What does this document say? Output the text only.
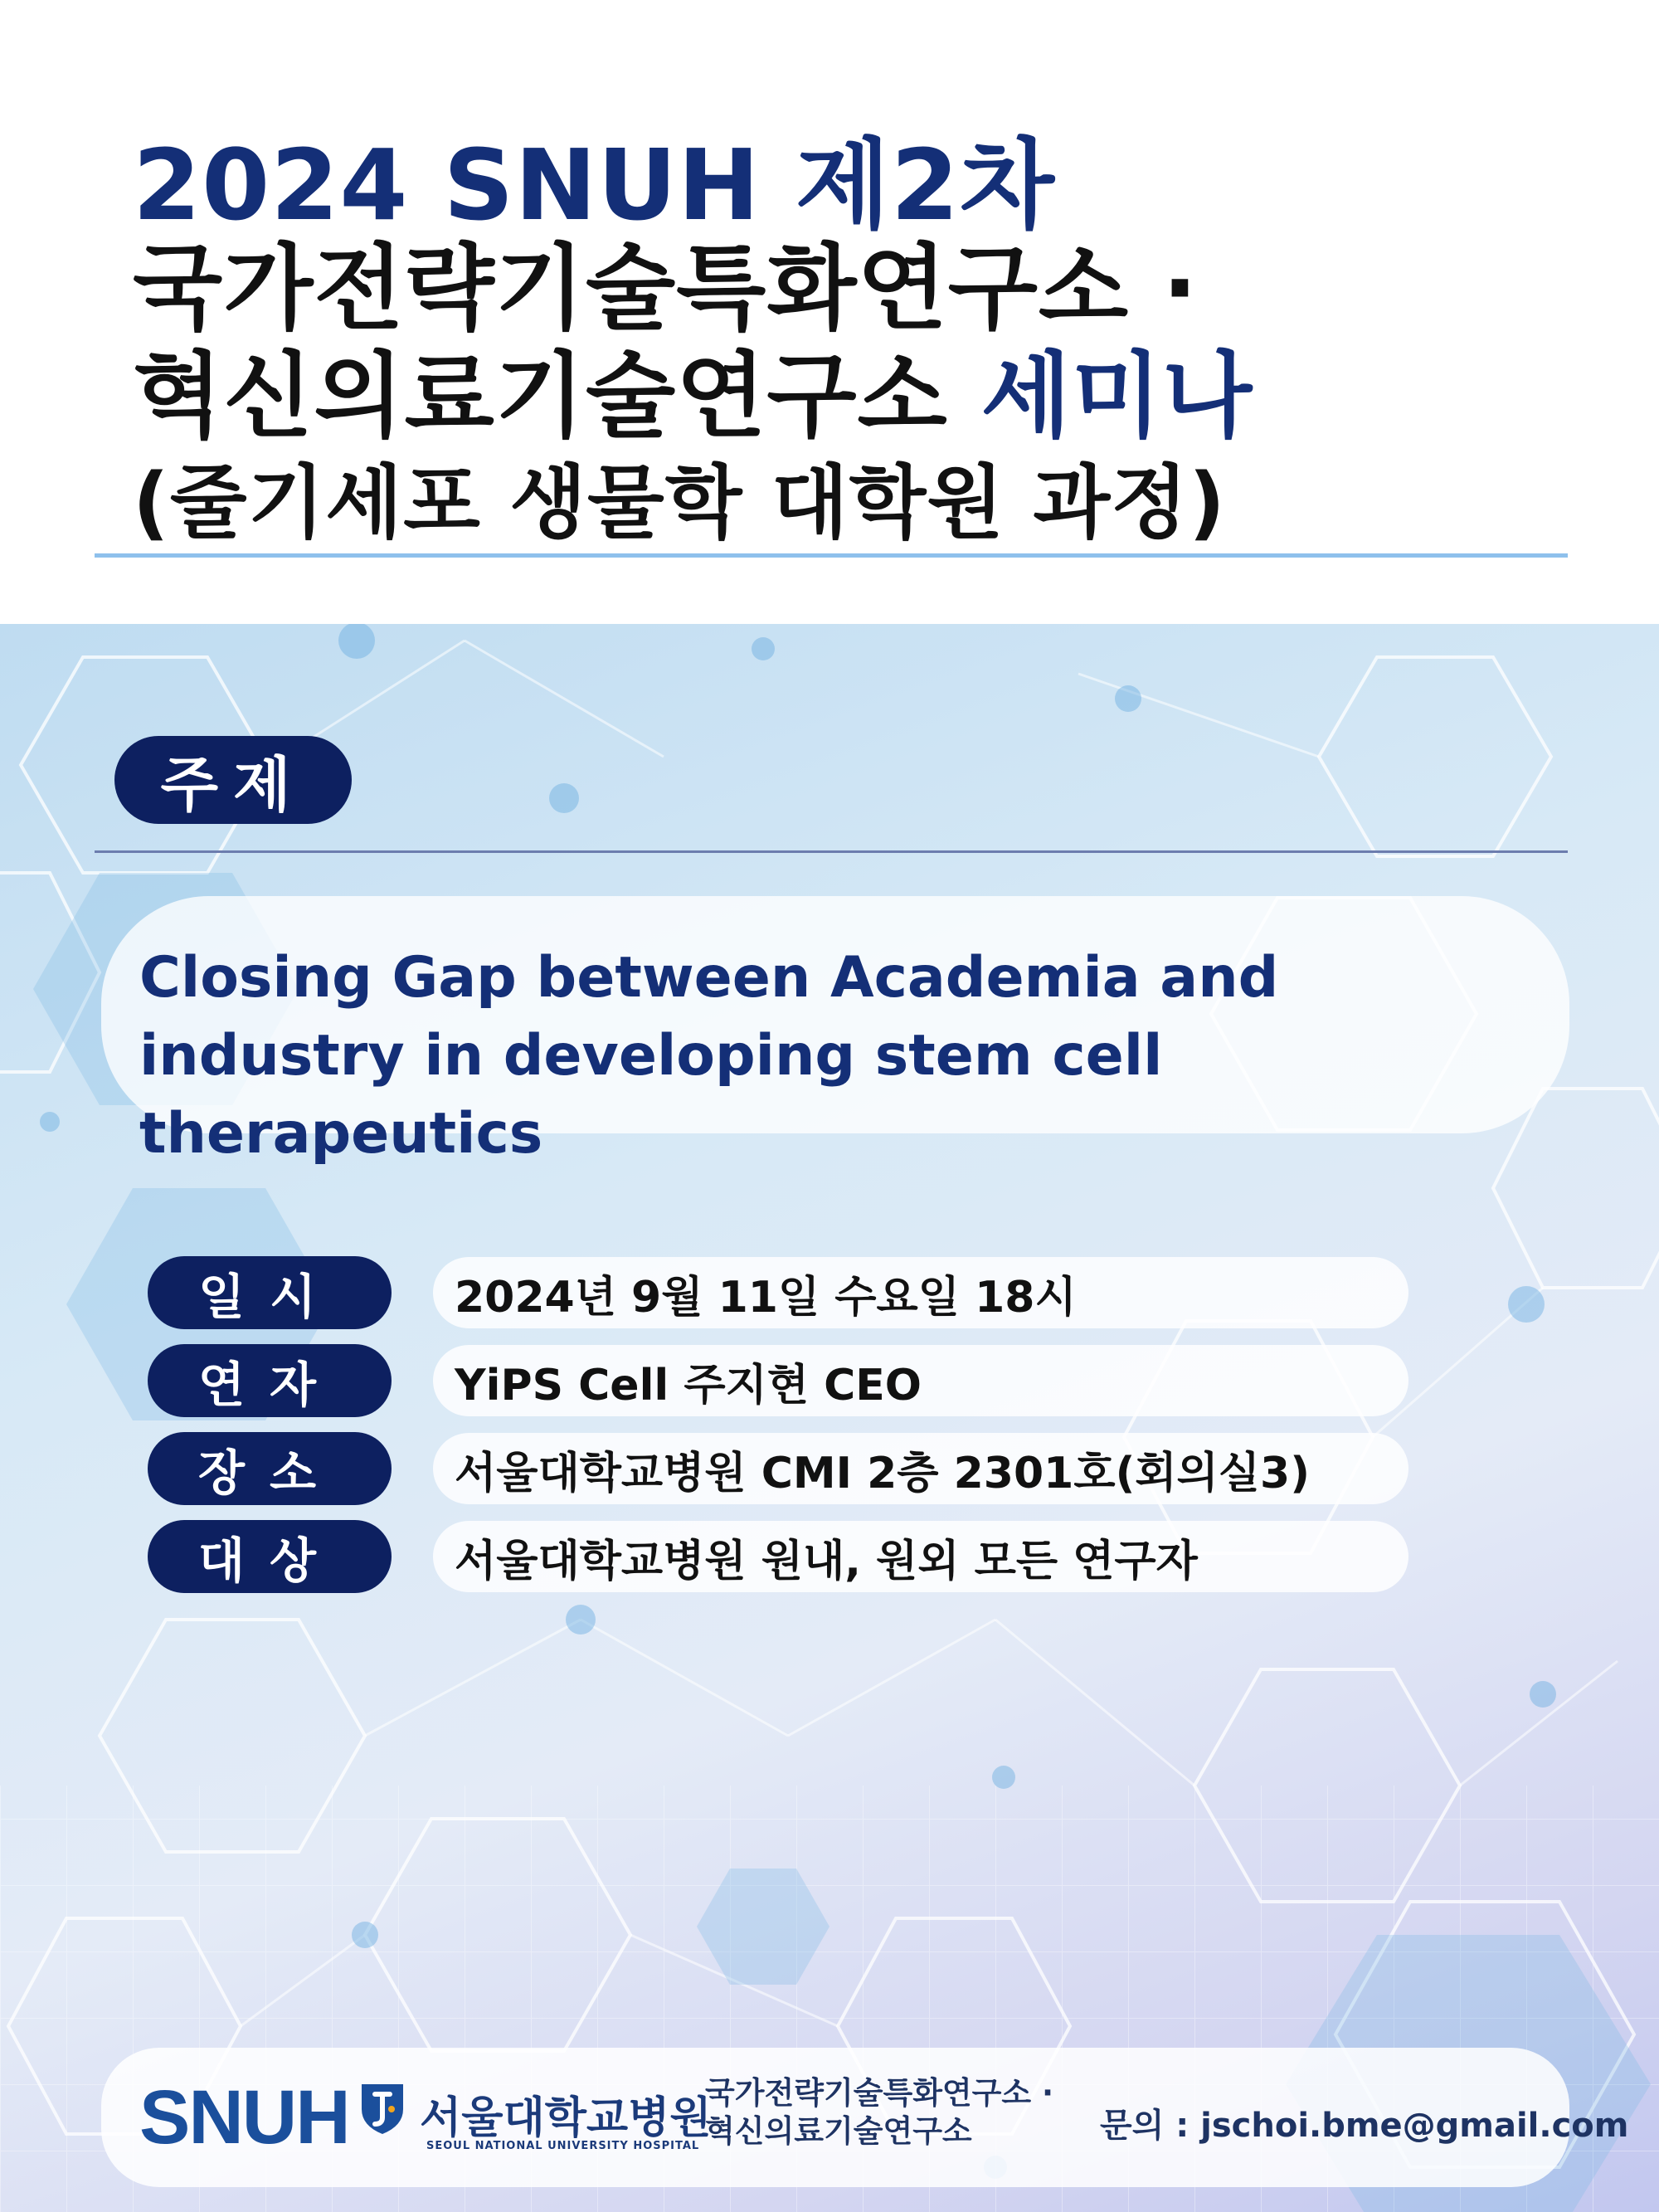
2024 SNUH 제2차
국가전략기술특화연구소 ·
혁신의료기술연구소 세미나
(줄기세포 생물학 대학원 과정)
주제

Closing Gap between Academia and industry in developing stem cell therapeutics

일시	2024년 9월 11일 수요일 18시
연자	YiPS Cell 주지현 CEO
장소	서울대학교병원 CMI 2층 2301호(회의실3)
대상	서울대학교병원 원내, 원외 모든 연구자
SNUH 서울대학교병원
SEOUL NATIONAL UNIVERSITY HOSPITAL
국가전략기술특화연구소 ·
혁신의료기술연구소	문의 : jschoi.bme@gmail.com
